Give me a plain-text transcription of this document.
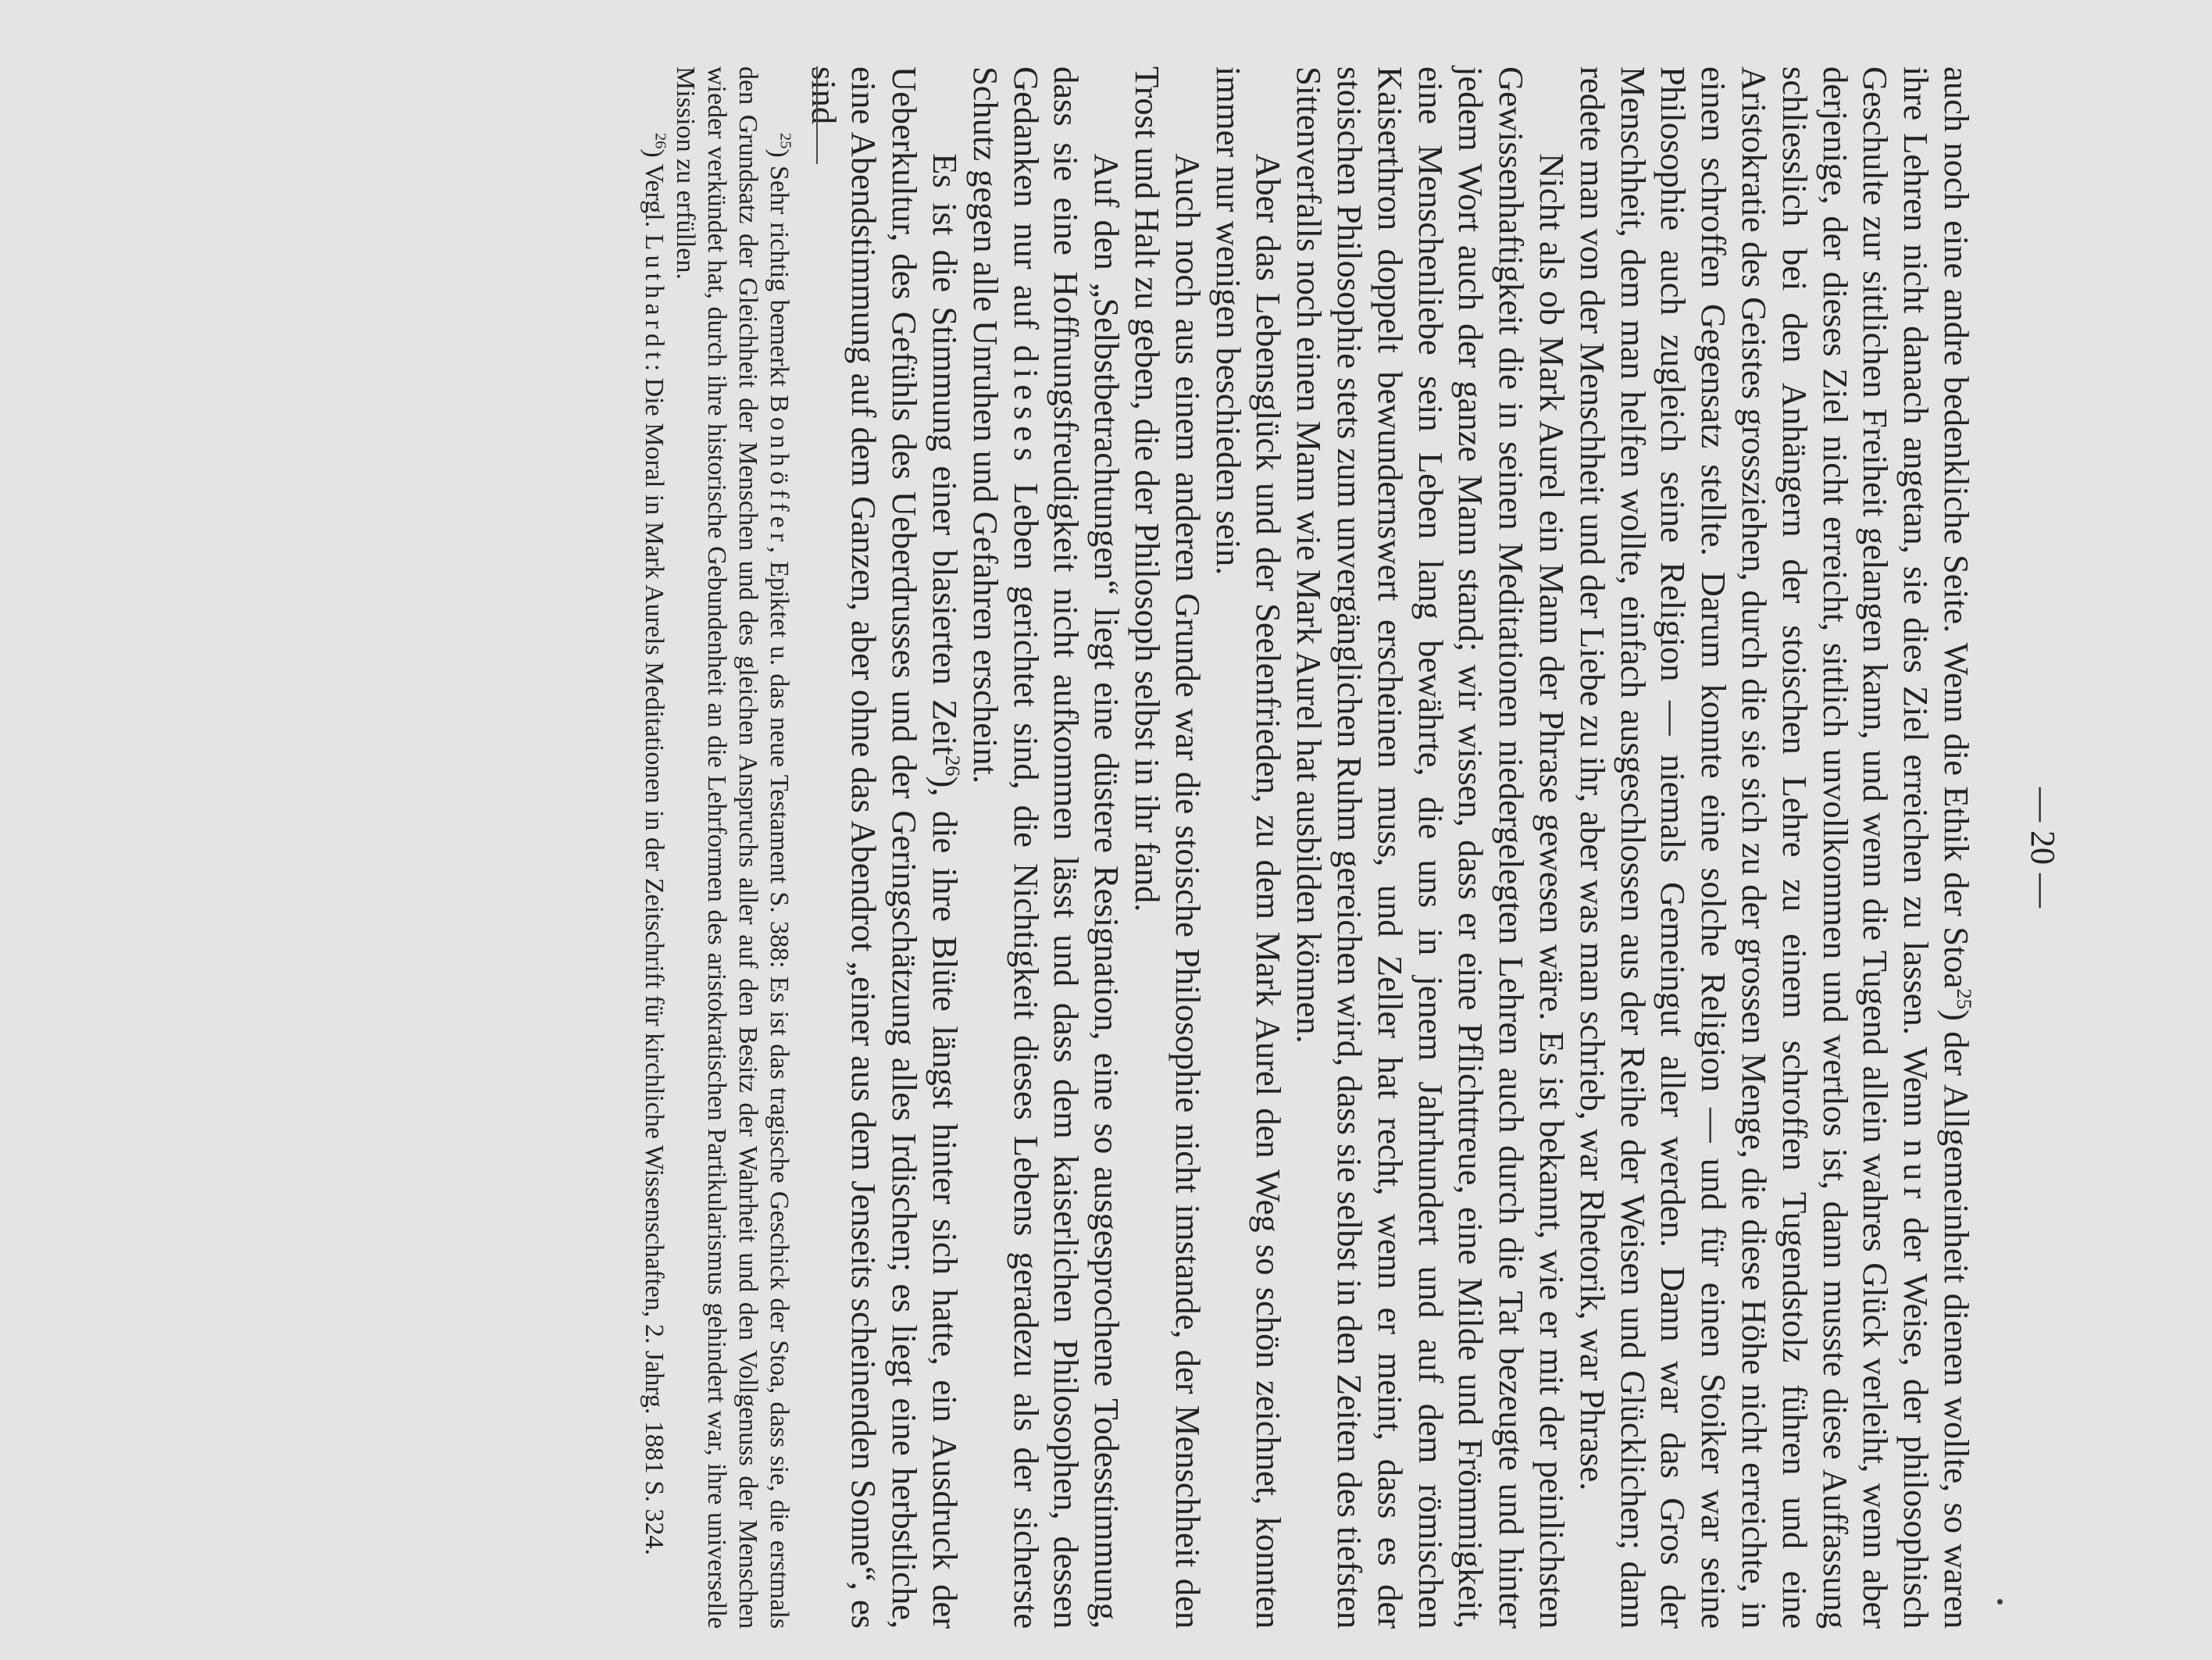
— 20 —

auch noch eine andre bedenkliche Seite. Wenn die Ethik der Stoa$^{25}$) der Allgemeinheit dienen wollte, so waren ihre Lehren nicht danach angetan, sie dies Ziel erreichen zu lassen. Wenn nur der Weise, der philosophisch Geschulte zur sittlichen Freiheit gelangen kann, und wenn die Tugend allein wahres Glück verleiht, wenn aber derjenige, der dieses Ziel nicht erreicht, sittlich unvollkommen und wertlos ist, dann musste diese Auffassung schliesslich bei den Anhängern der stoischen Lehre zu einem schroffen Tugendstolz führen und eine Aristokratie des Geistes grossziehen, durch die sie sich zu der grossen Menge, die diese Höhe nicht erreichte, in einen schroffen Gegensatz stellte. Darum konnte eine solche Religion — und für einen Stoiker war seine Philosophie auch zugleich seine Religion — niemals Gemeingut aller werden. Dann war das Gros der Menschheit, dem man helfen wollte, einfach ausgeschlossen aus der Reihe der Weisen und Glücklichen; dann redete man von der Menschheit und der Liebe zu ihr, aber was man schrieb, war Rhetorik, war Phrase.

Nicht als ob Mark Aurel ein Mann der Phrase gewesen wäre. Es ist bekannt, wie er mit der peinlichsten Gewissenhaftigkeit die in seinen Meditationen niedergelegten Lehren auch durch die Tat bezeugte und hinter jedem Wort auch der ganze Mann stand; wir wissen, dass er eine Pflichttreue, eine Milde und Frömmigkeit, eine Menschenliebe sein Leben lang bewährte, die uns in jenem Jahrhundert und auf dem römischen Kaiserthron doppelt bewundernswert erscheinen muss, und Zeller hat recht, wenn er meint, dass es der stoischen Philosophie stets zum unvergänglichen Ruhm gereichen wird, dass sie selbst in den Zeiten des tiefsten Sittenverfalls noch einen Mann wie Mark Aurel hat ausbilden können.

Aber das Lebensglück und der Seelenfrieden, zu dem Mark Aurel den Weg so schön zeichnet, konnten immer nur wenigen beschieden sein.

Auch noch aus einem anderen Grunde war die stoische Philosophie nicht imstande, der Menschheit den Trost und Halt zu geben, die der Philosoph selbst in ihr fand.

Auf den „Selbstbetrachtungen“ liegt eine düstere Resignation, eine so ausgesprochene Todesstimmung, dass sie eine Hoffnungsfreudigkeit nicht aufkommen lässt und dass dem kaiserlichen Philosophen, dessen Gedanken nur auf dieses Leben gerichtet sind, die Nichtigkeit dieses Lebens geradezu als der sicherste Schutz gegen alle Unruhen und Gefahren erscheint.

Es ist die Stimmung einer blasierten Zeit$^{26}$), die ihre Blüte längst hinter sich hatte, ein Ausdruck der Ueberkultur, des Gefühls des Ueberdrusses und der Geringschätzung alles Irdischen; es liegt eine herbstliche, eine Abendstimmung auf dem Ganzen, aber ohne das Abendrot „einer aus dem Jenseits scheinenden Sonne“, es sind

$^{25}$) Sehr richtig bemerkt Bonhöffer, Epiktet u. das neue Testament S. 388: Es ist das tragische Geschick der Stoa, dass sie, die erstmals den Grundsatz der Gleichheit der Menschen und des gleichen Anspruchs aller auf den Besitz der Wahrheit und den Vollgenuss der Menschen wieder verkündet hat, durch ihre historische Gebundenheit an die Lehrformen des aristokratischen Partikularismus gehindert war, ihre universelle Mission zu erfüllen.

$^{26}$) Vergl. Luthardt: Die Moral in Mark Aurels Meditationen in der Zeitschrift für kirchliche Wissenschaften, 2. Jahrg. 1881 S. 324.
